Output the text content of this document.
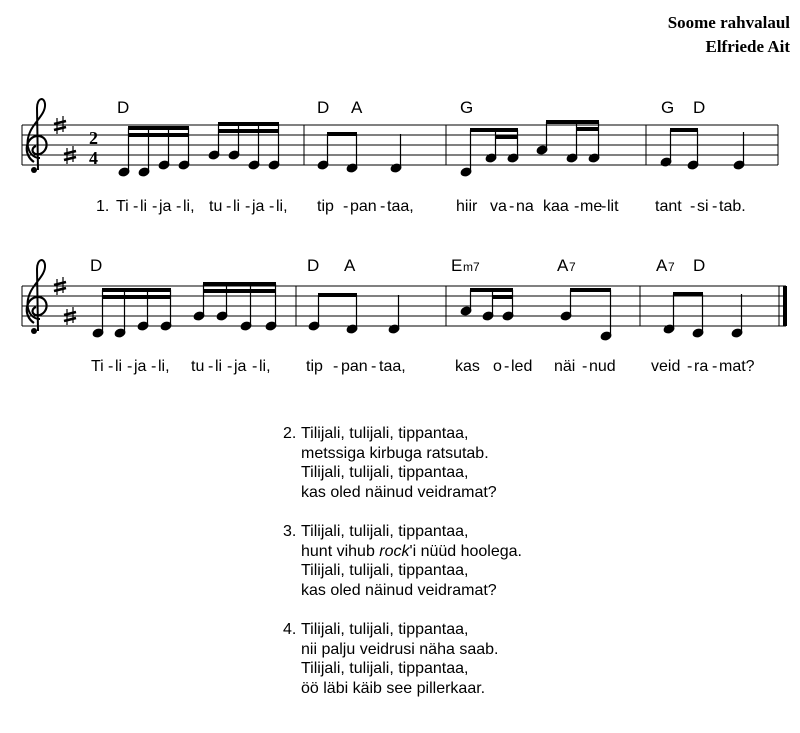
Soome rahvalaul
Elfriede Ait
2
4
D	D A	G	G D
1. Ti - li - ja - li, tu - li - ja - li, tip - pan - taa,	hiir va - na kaa - me
- lit tant - si - tab.
D	D A	E m7	A 7	A 7 D
Ti - li - ja - li, tu - li - ja - li, tip - pan - taa,	kas o - led näi - nud veid - ra - mat?
2. Tilijali, tulijali, tippantaa,
metssiga kirbuga ratsutab.
Tilijali, tulijali, tippantaa,
kas oled näinud veidramat?
3. Tilijali, tulijali, tippantaa,
hunt vihub rock'i nüüd hoolega.
Tilijali, tulijali, tippantaa,
kas oled näinud veidramat?
4. Tilijali, tulijali, tippantaa,
nii palju veidrusi näha saab.
Tilijali, tulijali, tippantaa,
öö läbi käib see pillerkaar.
